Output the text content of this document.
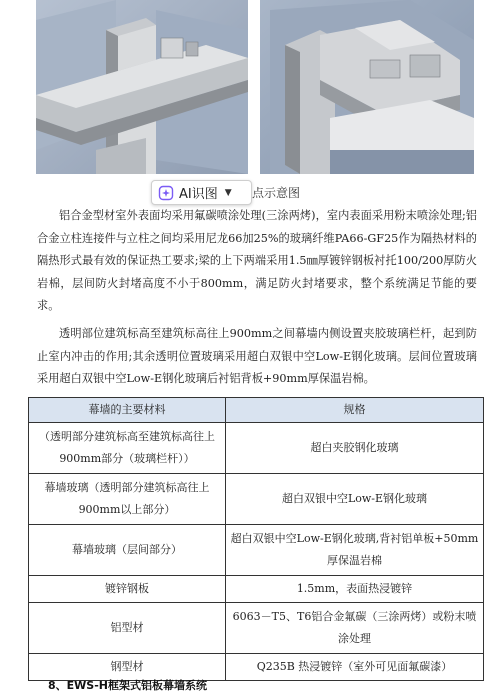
AI识图 ▼ 点示意图

铝合金型材室外表面均采用氟碳喷涂处理(三涂两烤)，室内表面采用粉末喷涂处理;铝合金立柱连接件与立柱之间均采用尼龙66加25%的玻璃纤维PA66-GF25作为隔热材料的隔热形式最有效的保证热工要求;梁的上下两端采用1.5㎜厚镀锌钢板衬托100/200厚防火岩棉，层间防火封堵高度不小于800mm，满足防火封堵要求，整个系统满足节能的要求。

透明部位建筑标高至建筑标高往上900mm之间幕墙内侧设置夹胶玻璃栏杆，起到防止室内冲击的作用;其余透明位置玻璃采用超白双银中空Low-E钢化玻璃。层间位置玻璃采用超白双银中空Low-E钢化玻璃后衬铝背板+90mm厚保温岩棉。

幕墙的主要材料	规格
（透明部分建筑标高至建筑标高往上900mm部分（玻璃栏杆））	超白夹胶钢化玻璃
幕墙玻璃（透明部分建筑标高往上900mm以上部分）	超白双银中空Low-E钢化玻璃
幕墙玻璃（层间部分）	超白双银中空Low-E钢化玻璃,背衬铝单板+50mm厚保温岩棉
镀锌钢板	1.5mm，表面热浸镀锌
铝型材	6063－T5、T6铝合金氟碳（三涂两烤）或粉末喷涂处理
钢型材	Q235B 热浸镀锌（室外可见面氟碳漆）
8、EWS-H框架式铝板幕墙系统
